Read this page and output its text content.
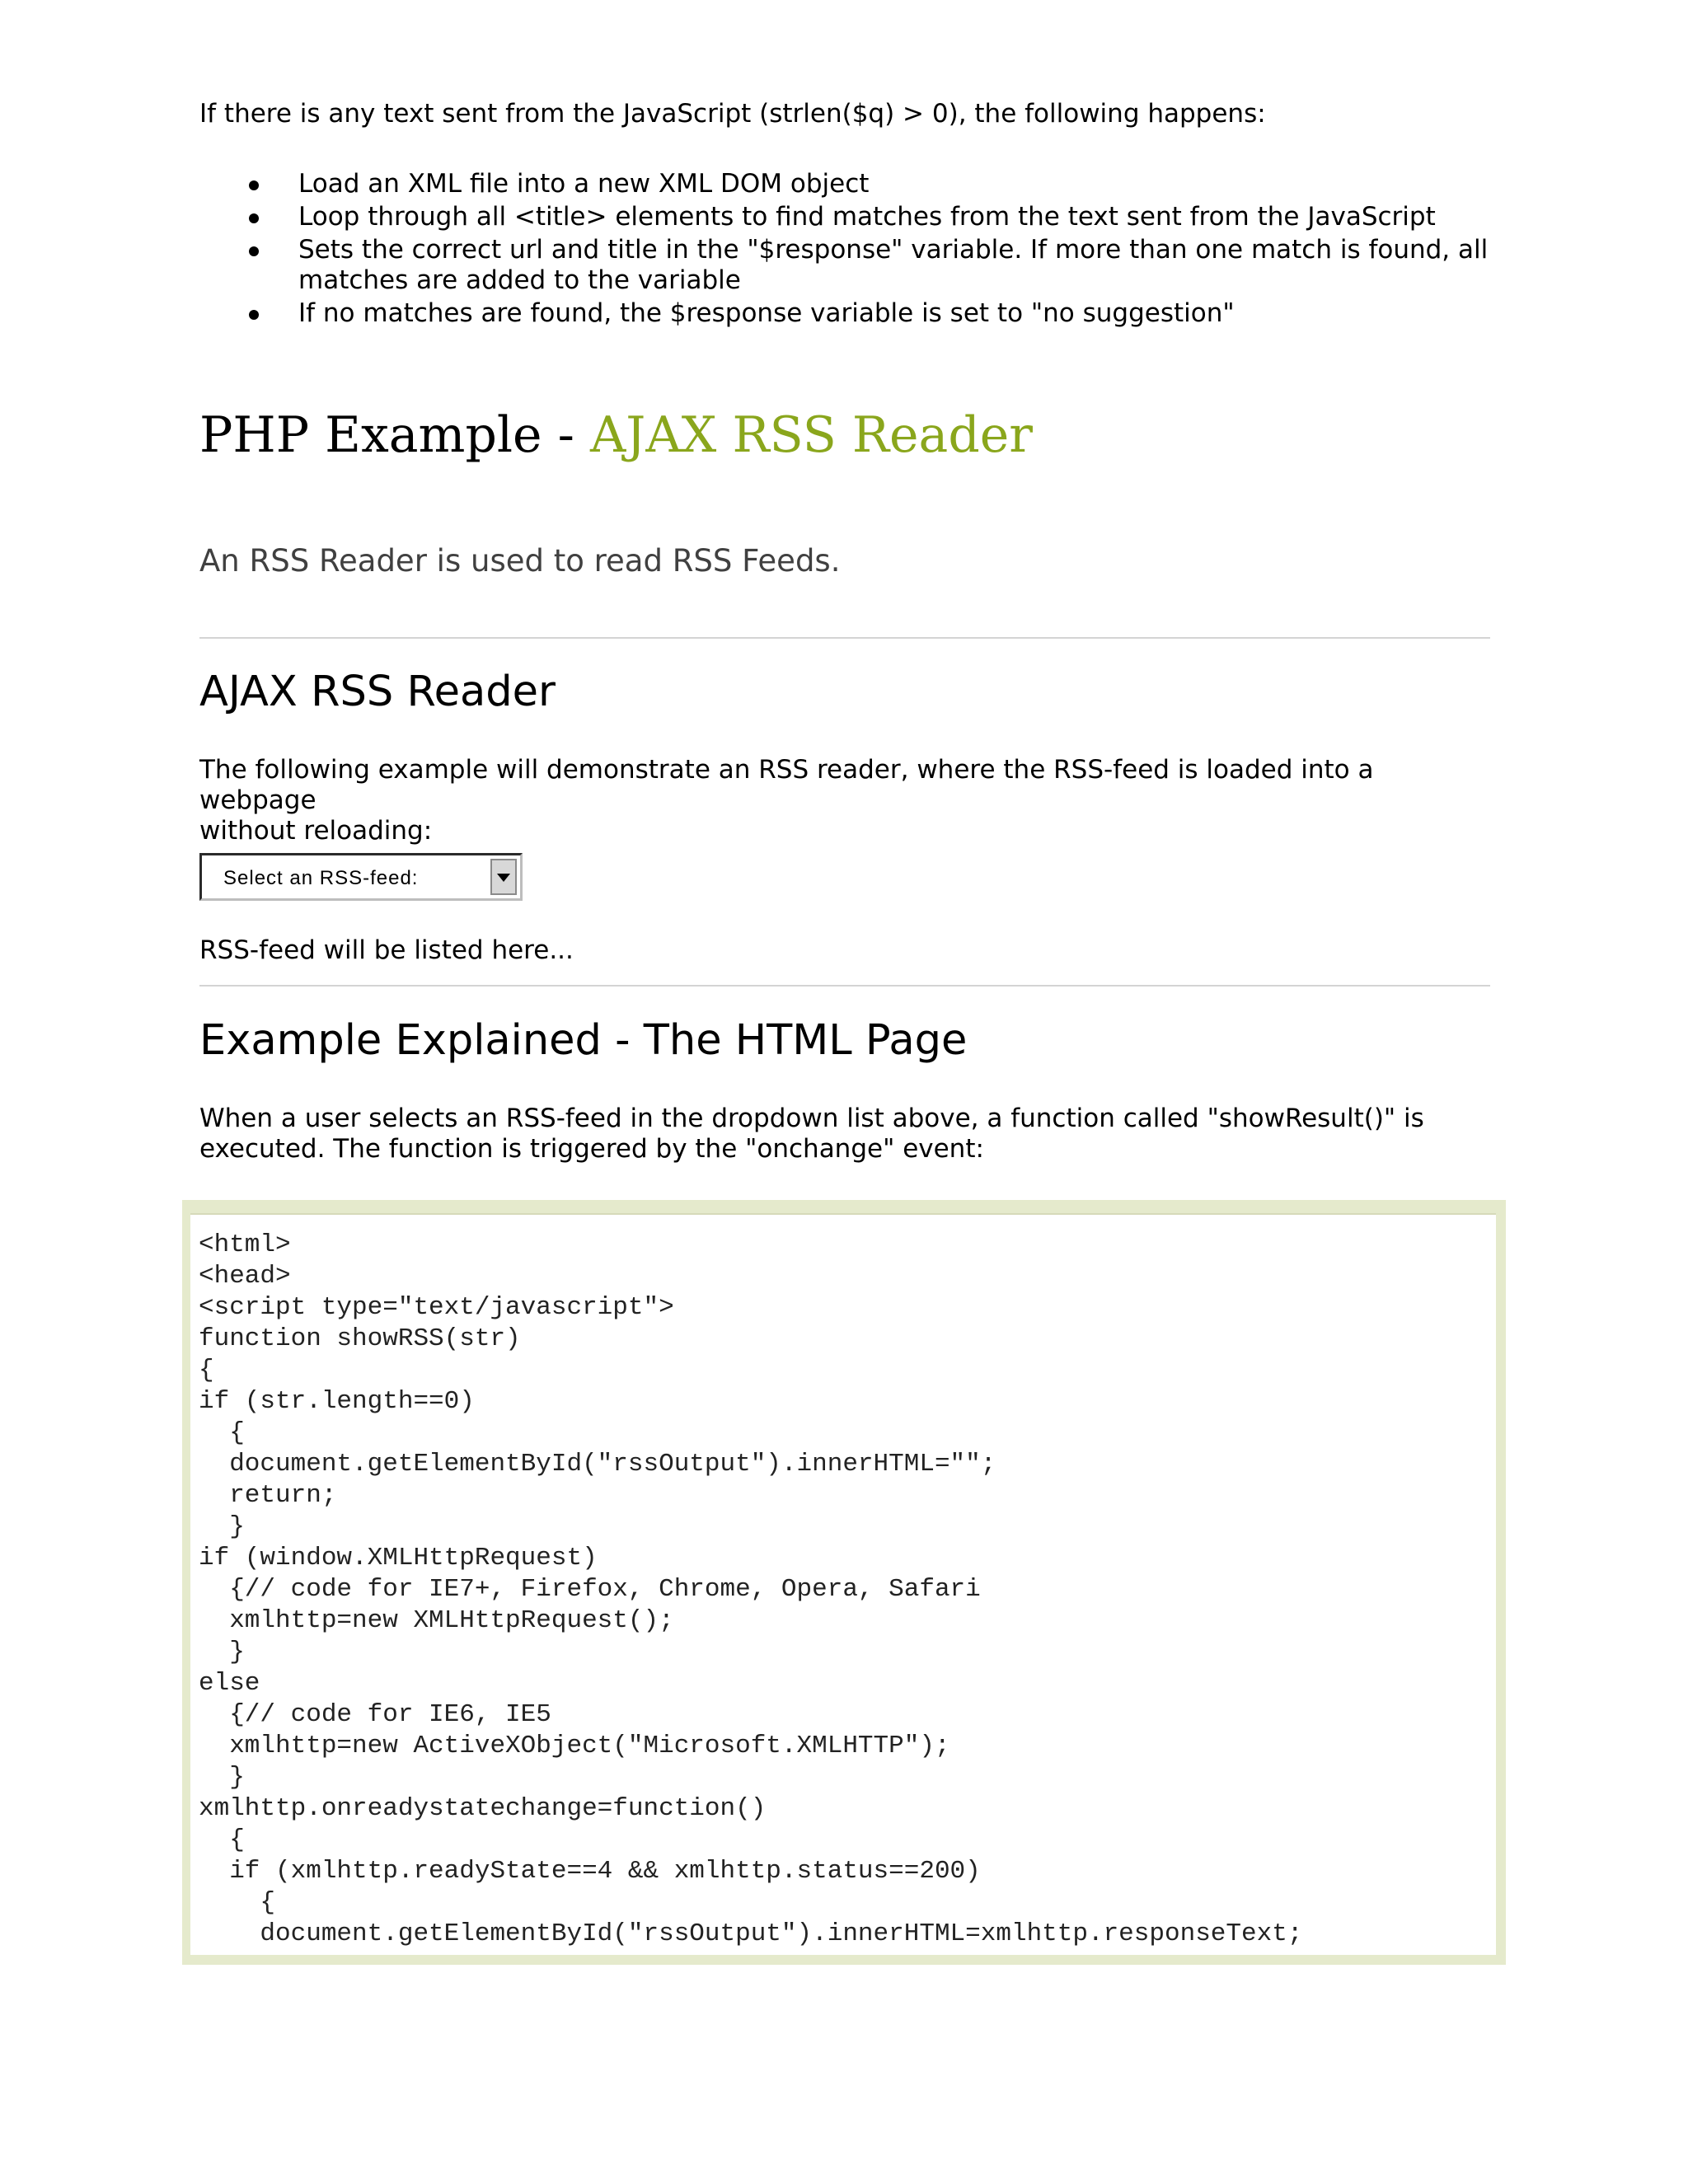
If there is any text sent from the JavaScript (strlen($q) > 0), the following happens:

Load an XML file into a new XML DOM object
Loop through all <title> elements to find matches from the text sent from the JavaScript
Sets the correct url and title in the "$response" variable. If more than one match is found, all
matches are added to the variable
If no matches are found, the $response variable is set to "no suggestion"
PHP Example - AJAX RSS Reader

An RSS Reader is used to read RSS Feeds.

AJAX RSS Reader

The following example will demonstrate an RSS reader, where the RSS-feed is loaded into a webpage
without reloading:

Select an RSS-feed:

RSS-feed will be listed here...

Example Explained - The HTML Page

When a user selects an RSS-feed in the dropdown list above, a function called "showResult()" is
executed. The function is triggered by the "onchange" event:

<html>
<head>
<script type="text/javascript">
function showRSS(str)
{
if (str.length==0)
{
document.getElementById("rssOutput").innerHTML="";
return;
}
if (window.XMLHttpRequest)
{// code for IE7+, Firefox, Chrome, Opera, Safari
xmlhttp=new XMLHttpRequest();
}
else
{// code for IE6, IE5
xmlhttp=new ActiveXObject("Microsoft.XMLHTTP");
}
xmlhttp.onreadystatechange=function()
{
if (xmlhttp.readyState==4 && xmlhttp.status==200)
{
document.getElementById("rssOutput").innerHTML=xmlhttp.responseText;
